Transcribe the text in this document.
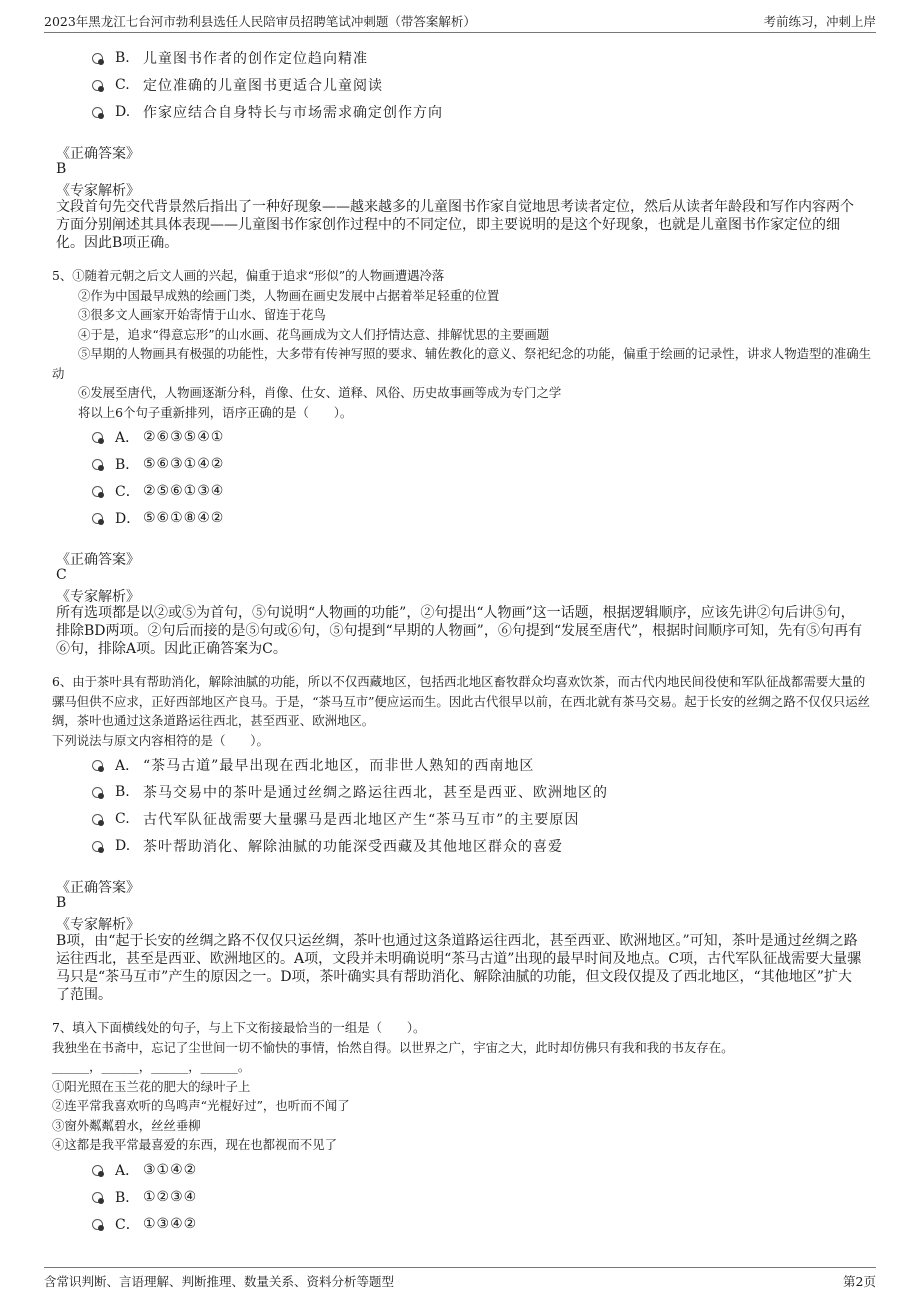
2023年黑龙江七台河市勃利县选任人民陪审员招聘笔试冲刺题（带答案解析）	考前练习，冲刺上岸
B. 儿童图书作者的创作定位趋向精准
C. 定位准确的儿童图书更适合儿童阅读
D. 作家应结合自身特长与市场需求确定创作方向
《正确答案》
B
《专家解析》
文段首句先交代背景然后指出了一种好现象——越来越多的儿童图书作家自觉地思考读者定位，然后从读者年龄段和写作内容两个方面分别阐述其具体表现——儿童图书作家创作过程中的不同定位，即主要说明的是这个好现象，也就是儿童图书作家定位的细化。因此B项正确。
5、①随着元朝之后文人画的兴起，偏重于追求“形似”的人物画遭遇冷落
②作为中国最早成熟的绘画门类，人物画在画史发展中占据着举足轻重的位置
③很多文人画家开始寄情于山水、留连于花鸟
④于是，追求“得意忘形”的山水画、花鸟画成为文人们抒情达意、排解忧思的主要画题
⑤早期的人物画具有极强的功能性，大多带有传神写照的要求、辅佐教化的意义、祭祀纪念的功能，偏重于绘画的记录性，讲求人物造型的准确生动
⑥发展至唐代，人物画逐渐分科，肖像、仕女、道释、风俗、历史故事画等成为专门之学
将以上6个句子重新排列，语序正确的是（　　）。
A． ②⑥③⑤④①
B． ⑤⑥③①④②
C． ②⑤⑥①③④
D． ⑤⑥①⑧④②
《正确答案》
C
《专家解析》
所有选项都是以②或⑤为首句，⑤句说明“人物画的功能”，②句提出“人物画”这一话题，根据逻辑顺序，应该先讲②句后讲⑤句，排除BD两项。②句后而接的是⑤句或⑥句，⑤句提到“早期的人物画”，⑥句提到“发展至唐代”，根据时间顺序可知，先有⑤句再有⑥句，排除A项。因此正确答案为C。
6、由于茶叶具有帮助消化，解除油腻的功能，所以不仅西藏地区，包括西北地区畜牧群众均喜欢饮茶，而古代内地民间役使和军队征战都需要大量的骡马但供不应求，正好西部地区产良马。于是，“茶马互市”便应运而生。因此古代很早以前，在西北就有茶马交易。起于长安的丝绸之路不仅仅只运丝绸，茶叶也通过这条道路运往西北，甚至西亚、欧洲地区。
下列说法与原文内容相符的是（　　）。
A． “茶马古道”最早出现在西北地区，而非世人熟知的西南地区
B. 茶马交易中的茶叶是通过丝绸之路运往西北，甚至是西亚、欧洲地区的
C. 古代军队征战需要大量骡马是西北地区产生“茶马互市”的主要原因
D. 茶叶帮助消化、解除油腻的功能深受西藏及其他地区群众的喜爱
《正确答案》
B
《专家解析》
B项，由“起于长安的丝绸之路不仅仅只运丝绸，茶叶也通过这条道路运往西北，甚至西亚、欧洲地区。”可知，茶叶是通过丝绸之路运往西北，甚至是西亚、欧洲地区的。A项，文段并未明确说明“茶马古道”出现的最早时间及地点。C项，古代军队征战需要大量骡马只是“茶马互市”产生的原因之一。D项，茶叶确实具有帮助消化、解除油腻的功能，但文段仅提及了西北地区，“其他地区”扩大了范围。
7、填入下面横线处的句子，与上下文衔接最恰当的一组是（　　）。
我独坐在书斋中，忘记了尘世间一切不愉快的事情，怡然自得。以世界之广，宇宙之大，此时却仿佛只有我和我的书友存在。
______，______，______，______。
①阳光照在玉兰花的肥大的绿叶子上
②连平常我喜欢听的鸟鸣声“光棍好过”，也听而不闻了
③窗外粼粼碧水，丝丝垂柳
④这都是我平常最喜爱的东西，现在也都视而不见了
A． ③①④②
B． ①②③④
C． ①③④②
含常识判断、言语理解、判断推理、数量关系、资料分析等题型	第2页
